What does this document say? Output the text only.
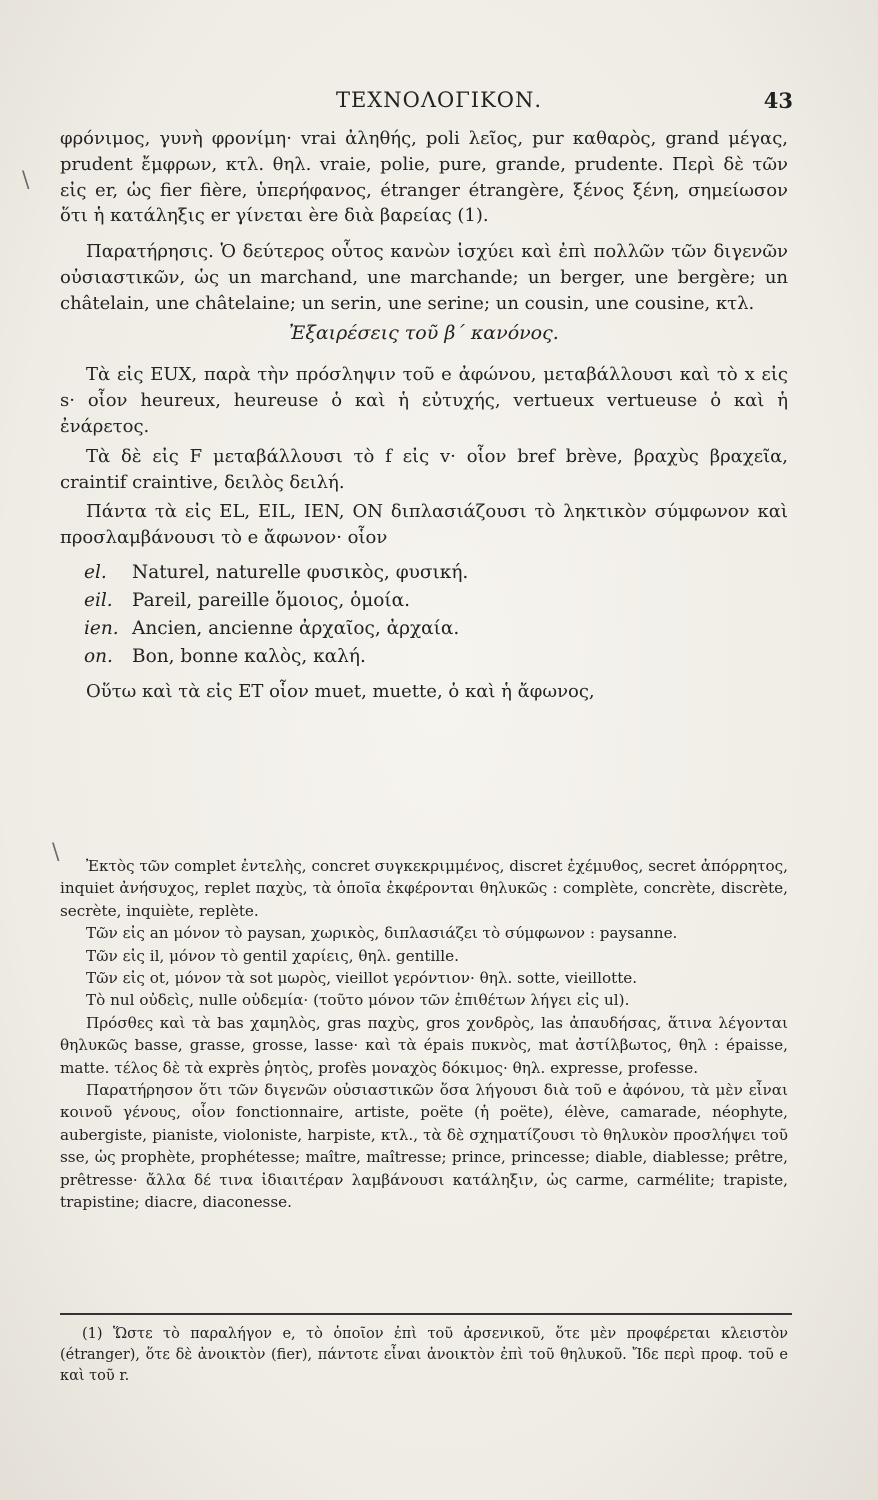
ΤΕΧΝΟΛΟΓΙΚΟΝ.	43

φρόνιμος, γυνὴ φρονίμη· vrai ἀληθής, poli λεῖος, pur καθαρὸς, grand μέγας, prudent ἔμφρων, κτλ. θηλ. vraie, polie, pure, grande, prudente. Περὶ δὲ τῶν εἰς er, ὡς fier fière, ὑπερήφανος, étranger étrangère, ξένος ξένη, σημείωσον ὅτι ἡ κατάληξις er γίνεται ère διὰ βαρείας (1).

Παρατήρησις. Ὁ δεύτερος οὗτος κανὼν ἰσχύει καὶ ἐπὶ πολλῶν τῶν διγενῶν οὐσιαστικῶν, ὡς un marchand, une marchande; un berger, une bergère; un châtelain, une châtelaine; un serin, une serine; un cousin, une cousine, κτλ.

Ἐξαιρέσεις τοῦ β΄ κανόνος.

Τὰ εἰς EUX, παρὰ τὴν πρόσληψιν τοῦ e ἀφώνου, μεταβάλλουσι καὶ τὸ x εἰς s· οἷον heureux, heureuse ὁ καὶ ἡ εὐτυχής, vertueux vertueuse ὁ καὶ ἡ ἐνάρετος.

Τὰ δὲ εἰς F μεταβάλλουσι τὸ f εἰς v· οἷον bref brève, βραχὺς βραχεῖα, craintif craintive, δειλὸς δειλή.

Πάντα τὰ εἰς EL, EIL, IEN, ON διπλασιάζουσι τὸ ληκτικὸν σύμφωνον καὶ προσλαμβάνουσι τὸ e ἄφωνον· οἷον

el. Naturel, naturelle φυσικὸς, φυσική.
eil. Pareil, pareille ὅμοιος, ὁμοία.
ien. Ancien, ancienne ἀρχαῖος, ἀρχαία.
on. Bon, bonne καλὸς, καλή.

Οὕτω καὶ τὰ εἰς ET οἷον muet, muette, ὁ καὶ ἡ ἄφωνος,

Ἐκτὸς τῶν complet ἐντελὴς, concret συγκεκριμμένος, discret ἐχέμυθος, secret ἀπόρρητος, inquiet ἀνήσυχος, replet παχὺς, τὰ ὁποῖα ἐκφέρονται θηλυκῶς : complète, concrète, discrète, secrète, inquiète, replète.

Τῶν εἰς an μόνον τὸ paysan, χωρικὸς, διπλασιάζει τὸ σύμφωνον : paysanne.

Τῶν εἰς il, μόνον τὸ gentil χαρίεις, θηλ. gentille.

Τῶν εἰς ot, μόνον τὰ sot μωρὸς, vieillot γερόντιον· θηλ. sotte, vieillotte.

Τὸ nul οὐδεὶς, nulle οὐδεμία· (τοῦτο μόνον τῶν ἐπιθέτων λήγει εἰς ul).

Πρόσθες καὶ τὰ bas χαμηλὸς, gras παχὺς, gros χονδρὸς, las ἀπαυδήσας, ἅτινα λέγονται θηλυκῶς basse, grasse, grosse, lasse· καὶ τὰ épais πυκνὸς, mat ἀστίλβωτος, θηλ : épaisse, matte. τέλος δὲ τὰ exprès ῥητὸς, profès μοναχὸς δόκιμος· θηλ. expresse, professe.

Παρατήρησον ὅτι τῶν διγενῶν οὐσιαστικῶν ὅσα λήγουσι διὰ τοῦ e ἀφόνου, τὰ μὲν εἶναι κοινοῦ γένους, οἷον fonctionnaire, artiste, poëte (ἡ poëte), élève, camarade, néophyte, aubergiste, pianiste, violoniste, harpiste, κτλ., τὰ δὲ σχηματίζουσι τὸ θηλυκὸν προσλήψει τοῦ sse, ὡς prophète, prophétesse; maître, maîtresse; prince, princesse; diable, diablesse; prêtre, prêtresse· ἄλλα δέ τινα ἰδιαιτέραν λαμβάνουσι κατάληξιν, ὡς carme, carmélite; trapiste, trapistine; diacre, diaconesse.

(1) Ὥστε τὸ παραλήγον e, τὸ ὁποῖον ἐπὶ τοῦ ἀρσενικοῦ, ὅτε μὲν προφέρεται κλειστὸν (étranger), ὅτε δὲ ἀνοικτὸν (fier), πάντοτε εἶναι ἀνοικτὸν ἐπὶ τοῦ θηλυκοῦ. Ἴδε περὶ προφ. τοῦ e καὶ τοῦ r.

\
\
